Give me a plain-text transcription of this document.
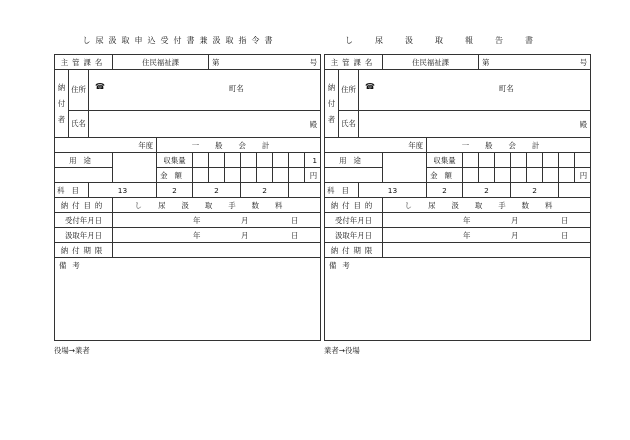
し尿汲取申込受付書兼汲取指令書
主管課名			住民福祉課			第 号						

納付者	住所	☎ 町名										

	氏名	殿										
年度				一般会計								
用途				収集量								1
				金額								円
科目		13		2	2			2				
納付目的			し尿汲取手数料									
受付年月日			年 月 日									

汲取年月日			年 月 日									

納付期限												
備考												
役場→業者
し尿汲取報告書
主管課名			住民福祉課			第 号						

納付者	住所	☎ 町名										

	氏名	殿										
年度				一般会計								
用途				収集量								
				金額								円
科目		13		2	2			2				
納付目的			し尿汲取手数料									
受付年月日			年 月 日									

汲取年月日			年 月 日									

納付期限												
備考												
業者→役場
